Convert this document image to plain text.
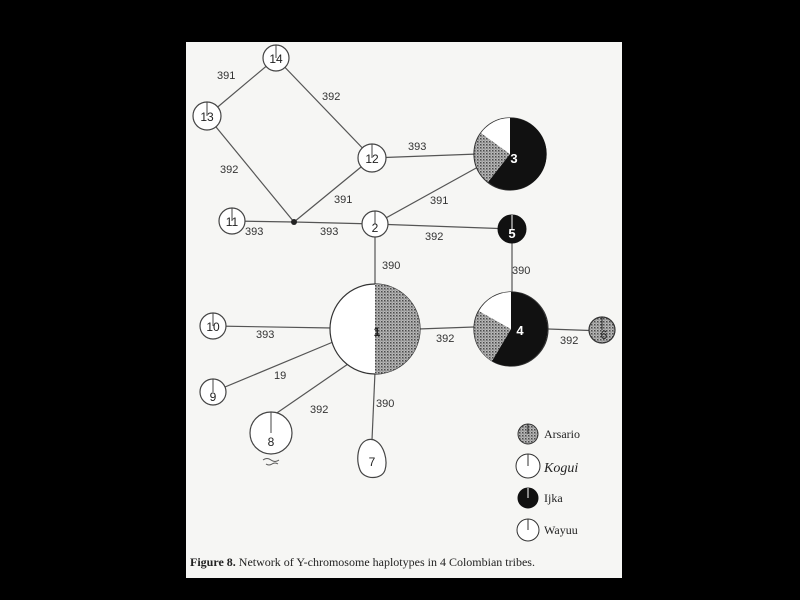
391
392
392
393
391
393	393
391
392
390	390
392	392
393
19
392	390
14
13
12
11	2
3
5
1	4	6
10
9
8
7
Arsario
Kogui
Ijka
Wayuu
Figure 8. Network of Y-chromosome haplotypes in 4 Colombian tribes.
